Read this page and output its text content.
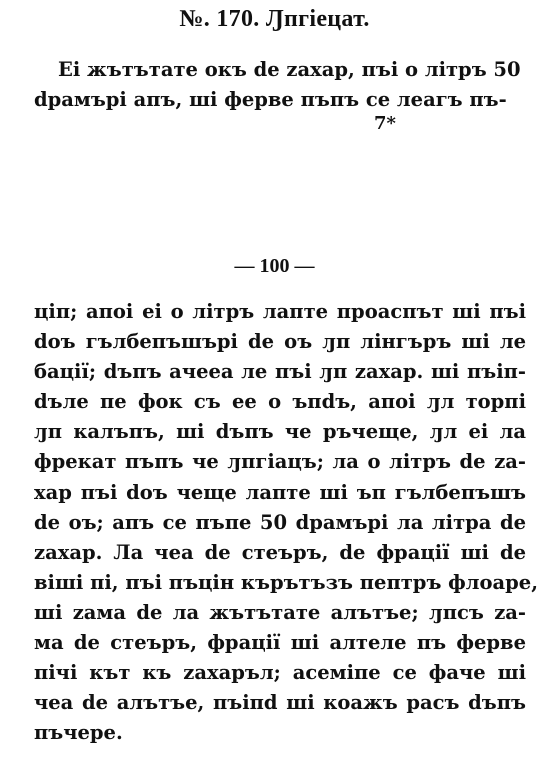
№. 170. Ԓпгіецат.
Еі жътътате окъ de zахар, пъі о літръ 50
dрамъpі апъ, ші ферве пъпъ се леагъ пъ-
7*
— 100 —
ціп; апоі еі о літръ лапте проаспът ші пъі
doъ гълбепъшърі de оъ ԓп лінгъръ ші ле
бації; dъпъ ачееа ле пъі ԓп zахар. ші пъіп-
dъле пе фок съ ее о ъпdъ, апоі ԓл торпі
ԓп калъпъ, ші dъпъ че ръчеще, ԓл еі ла
фрекат пъпъ че ԓпгіацъ; ла о літръ de zа-
хар пъі doъ чеще лапте ші ъп гълбепъшъ
de оъ; апъ се пъпе 50 dрамъpі ла літра de
zахар. Ла чеа de стеъръ, de фрації ші de
віші пі, пъі пъцін кърътъзъ пептръ флоаре,
ші zама de ла жътътате алътъе; ԓпсъ zа-
ма de стеъръ, фрації ші алтеле пъ ферве
пічі кът къ zахаръл; асеміпе се фаче ші
чеа de алътъе, пъіпd ші коажъ расъ dъпъ
пъчере.
